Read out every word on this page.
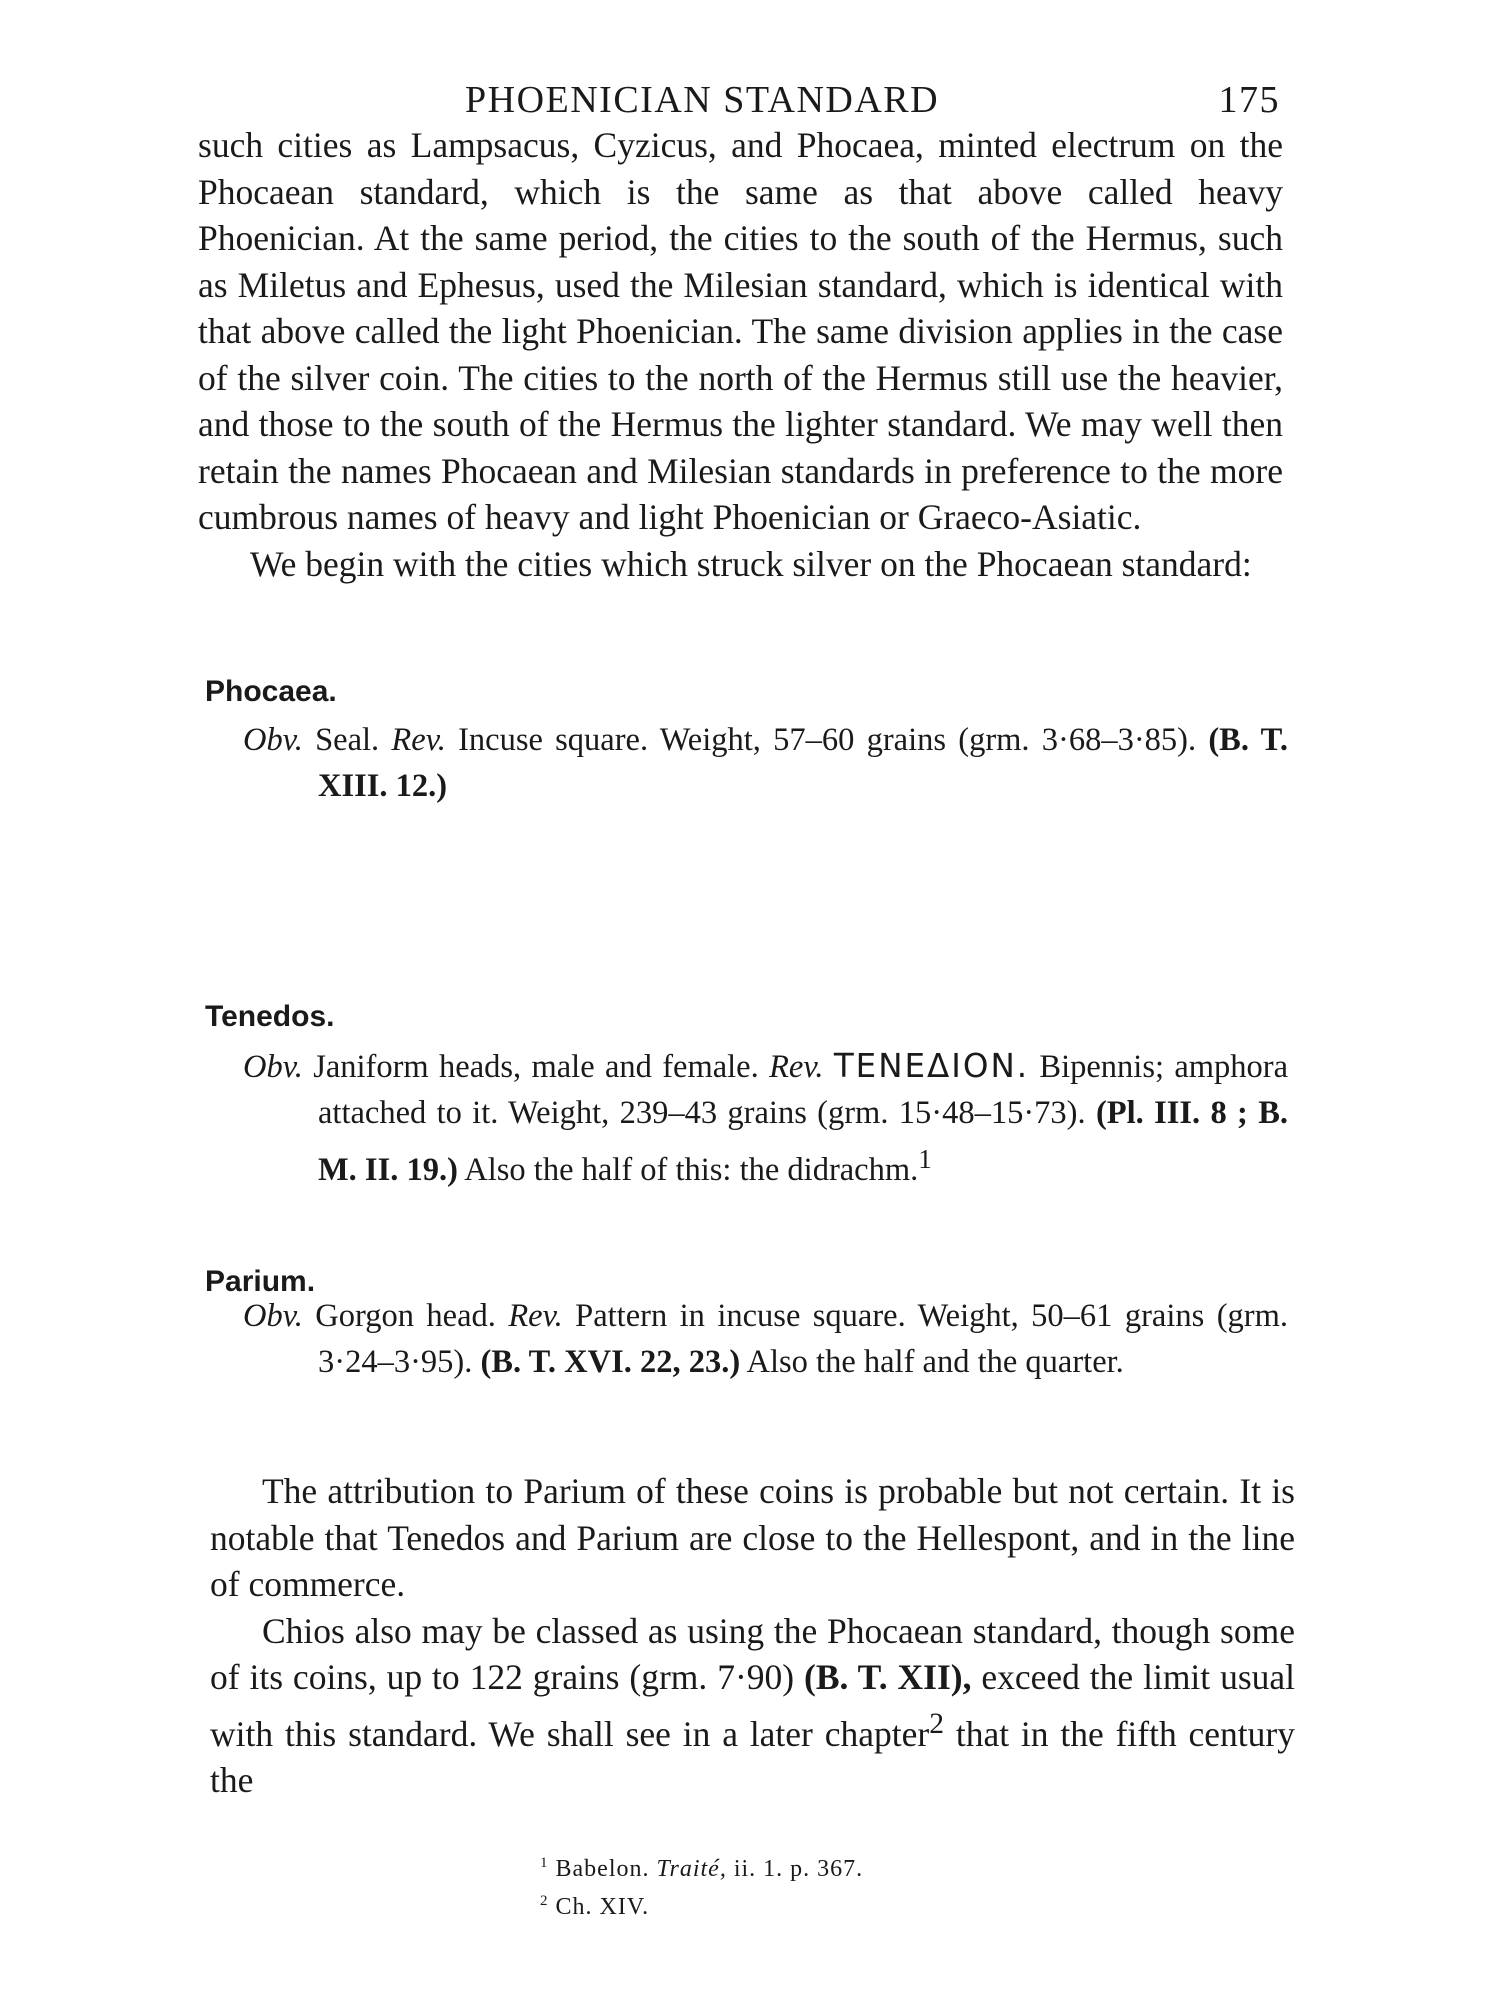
PHOENICIAN STANDARD	175

such cities as Lampsacus, Cyzicus, and Phocaea, minted electrum on the Phocaean standard, which is the same as that above called heavy Phoenician. At the same period, the cities to the south of the Hermus, such as Miletus and Ephesus, used the Milesian standard, which is identical with that above called the light Phoenician. The same division applies in the case of the silver coin. The cities to the north of the Hermus still use the heavier, and those to the south of the Hermus the lighter standard. We may well then retain the names Phocaean and Milesian standards in preference to the more cumbrous names of heavy and light Phoenician or Graeco-Asiatic.

We begin with the cities which struck silver on the Phocaean standard:

Phocaea.
Obv. Seal. Rev. Incuse square. Weight, 57–60 grains (grm. 3·68–3·85). (B. T. XIII. 12.)
Tenedos.
Obv. Janiform heads, male and female. Rev. TENEΔION. Bipennis; amphora attached to it. Weight, 239–43 grains (grm. 15·48–15·73). (Pl. III. 8 ; B. M. II. 19.) Also the half of this: the didrachm.$^1$
Parium.
Obv. Gorgon head. Rev. Pattern in incuse square. Weight, 50–61 grains (grm. 3·24–3·95). (B. T. XVI. 22, 23.) Also the half and the quarter.

The attribution to Parium of these coins is probable but not certain. It is notable that Tenedos and Parium are close to the Hellespont, and in the line of commerce.

Chios also may be classed as using the Phocaean standard, though some of its coins, up to 122 grains (grm. 7·90) (B. T. XII), exceed the limit usual with this standard. We shall see in a later chapter$^2$ that in the fifth century the

$^1$ Babelon. Traité, ii. 1. p. 367.
$^2$ Ch. XIV.
